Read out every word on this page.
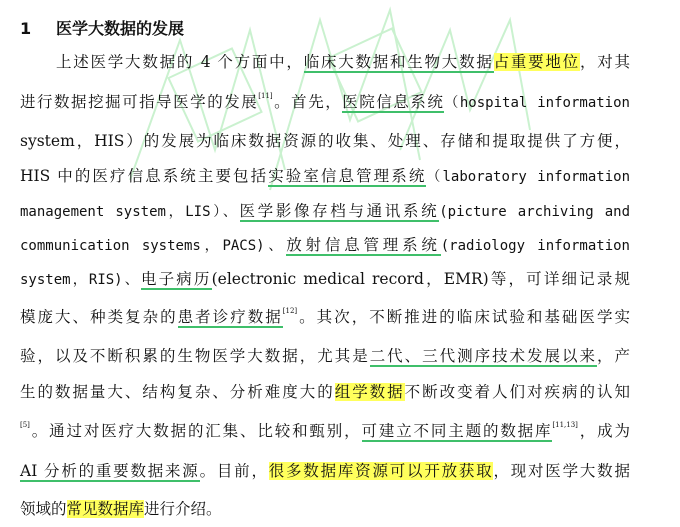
1 医学大数据的发展
上述医学大数据的 4 个方面中，临床大数据和生物大数据占重要地位，对其
进行数据挖掘可指导医学的发展[11]。首先，医院信息系统（hospital information
system，HIS）的发展为临床数据资源的收集、处理、存储和提取提供了方便，
HIS 中的医疗信息系统主要包括实验室信息管理系统（laboratory information
management system，LIS）、医学影像存档与通讯系统(picture archiving and
communication systems，PACS)、放射信息管理系统(radiology information
system，RIS)、电子病历(electronic medical record，EMR)等，可详细记录规
模庞大、种类复杂的患者诊疗数据[12]。其次，不断推进的临床试验和基础医学实
验，以及不断积累的生物医学大数据，尤其是二代、三代测序技术发展以来，产
生的数据量大、结构复杂、分析难度大的组学数据不断改变着人们对疾病的认知
[5]。通过对医疗大数据的汇集、比较和甄别，可建立不同主题的数据库[11,13]，成为
AI 分析的重要数据来源。目前，很多数据库资源可以开放获取，现对医学大数据
领域的常见数据库进行介绍。
